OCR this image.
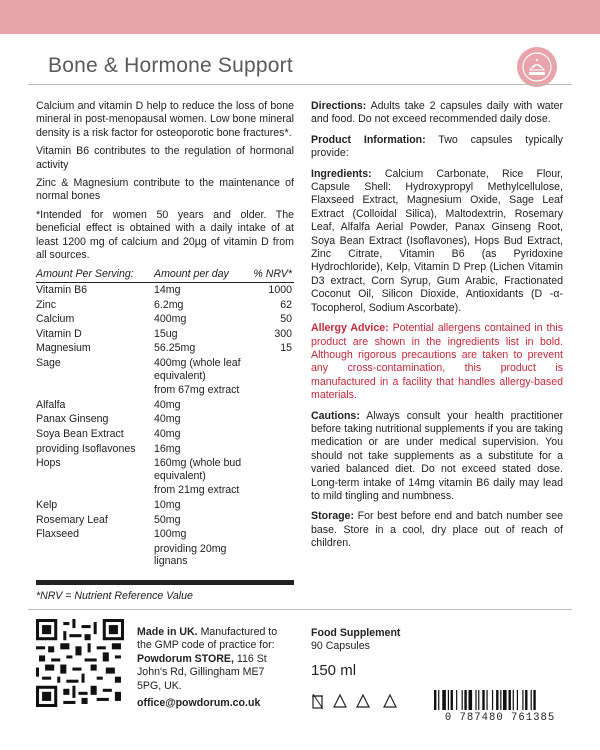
Bone & Hormone Support

Calcium and vitamin D help to reduce the loss of bone mineral in post-menopausal women. Low bone mineral density is a risk factor for osteoporotic bone fractures*.

Vitamin B6 contributes to the regulation of hormonal activity

Zinc & Magnesium contribute to the maintenance of normal bones

*Intended for women 50 years and older. The beneficial effect is obtained with a daily intake of at least 1200 mg of calcium and 20µg of vitamin D from all sources.

Amount Per Serving:	Amount per day	% NRV*
Vitamin B6	14mg	1000
Zinc	6.2mg	62
Calcium	400mg	50
Vitamin D	15ug	300
Magnesium	56.25mg	15
Sage	400mg (whole leaf equivalent)	
	from 67mg extract	
Alfalfa	40mg	
Panax Ginseng	40mg	
Soya Bean Extract	40mg	
providing Isoflavones	16mg	
Hops	160mg (whole bud equivalent)	
	from 21mg extract	
Kelp	10mg	
Rosemary Leaf	50mg	
Flaxseed	100mg	
	providing 20mg lignans	
*NRV = Nutrient Reference Value

Directions: Adults take 2 capsules daily with water and food. Do not exceed recommended daily dose.

Product Information: Two capsules typically provide:

Ingredients: Calcium Carbonate, Rice Flour, Capsule Shell: Hydroxypropyl Methylcellulose, Flaxseed Extract, Magnesium Oxide, Sage Leaf Extract (Colloidal Silica), Maltodextrin, Rosemary Leaf, Alfalfa Aerial Powder, Panax Ginseng Root, Soya Bean Extract (Isoflavones), Hops Bud Extract, Zinc Citrate, Vitamin B6 (as Pyridoxine Hydrochloride), Kelp, Vitamin D Prep (Lichen Vitamin D3 extract, Corn Syrup, Gum Arabic, Fractionated Coconut Oil, Silicon Dioxide, Antioxidants (D -α-Tocopherol, Sodium Ascorbate).

Allergy Advice: Potential allergens contained in this product are shown in the ingredients list in bold. Although rigorous precautions are taken to prevent any cross-contamination, this product is manufactured in a facility that handles allergy-based materials.

Cautions: Always consult your health practitioner before taking nutritional supplements if you are taking medication or are under medical supervision. You should not take supplements as a substitute for a varied balanced diet. Do not exceed stated dose. Long-term intake of 14mg vitamin B6 daily may lead to mild tingling and numbness.

Storage: For best before end and batch number see base. Store in a cool, dry place out of reach of children.

Made in UK. Manufactured to the GMP code of practice for: Powdorum STORE, 116 St John's Rd, Gillingham ME7 5PG, UK.
office@powdorum.co.uk
Food Supplement
90 Capsules
150 ml
0 787480 761385
